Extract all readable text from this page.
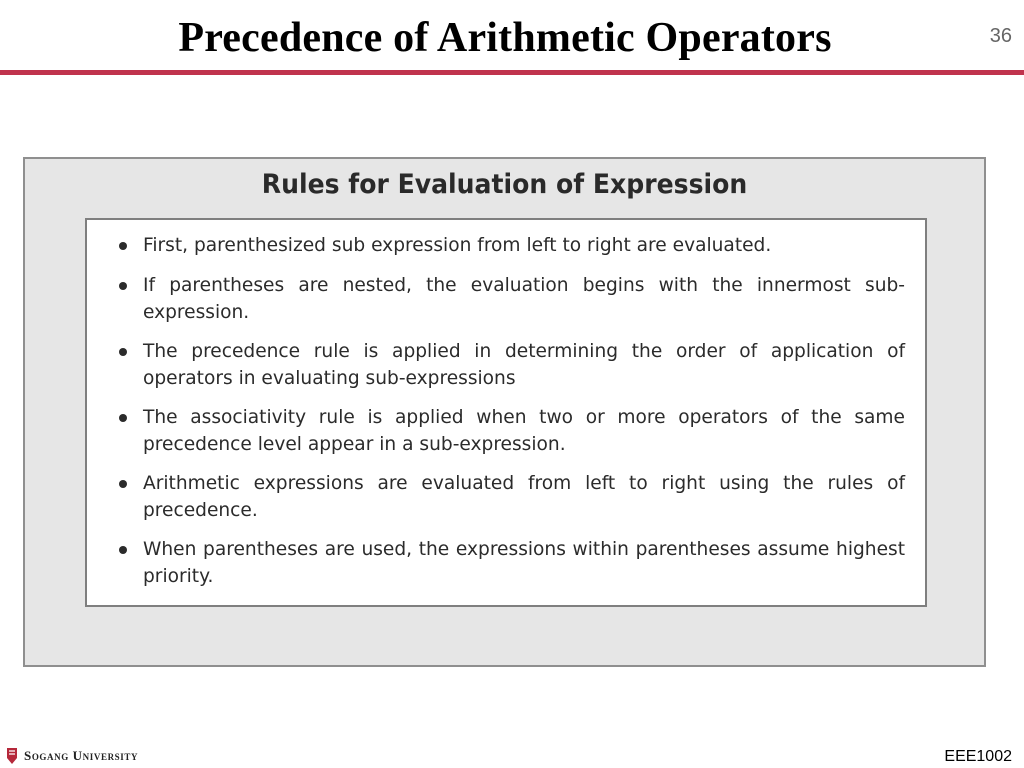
Precedence of Arithmetic Operators	36
Rules for Evaluation of Expression
First, parenthesized sub expression from left to right are evaluated.
If parentheses are nested, the evaluation begins with the innermost sub-expression.
The precedence rule is applied in determining the order of application of operators in evaluating sub-expressions
The associativity rule is applied when two or more operators of the same precedence level appear in a sub-expression.
Arithmetic expressions are evaluated from left to right using the rules of precedence.
When parentheses are used, the expressions within parentheses assume highest priority.
Sogang University	EEE1002
